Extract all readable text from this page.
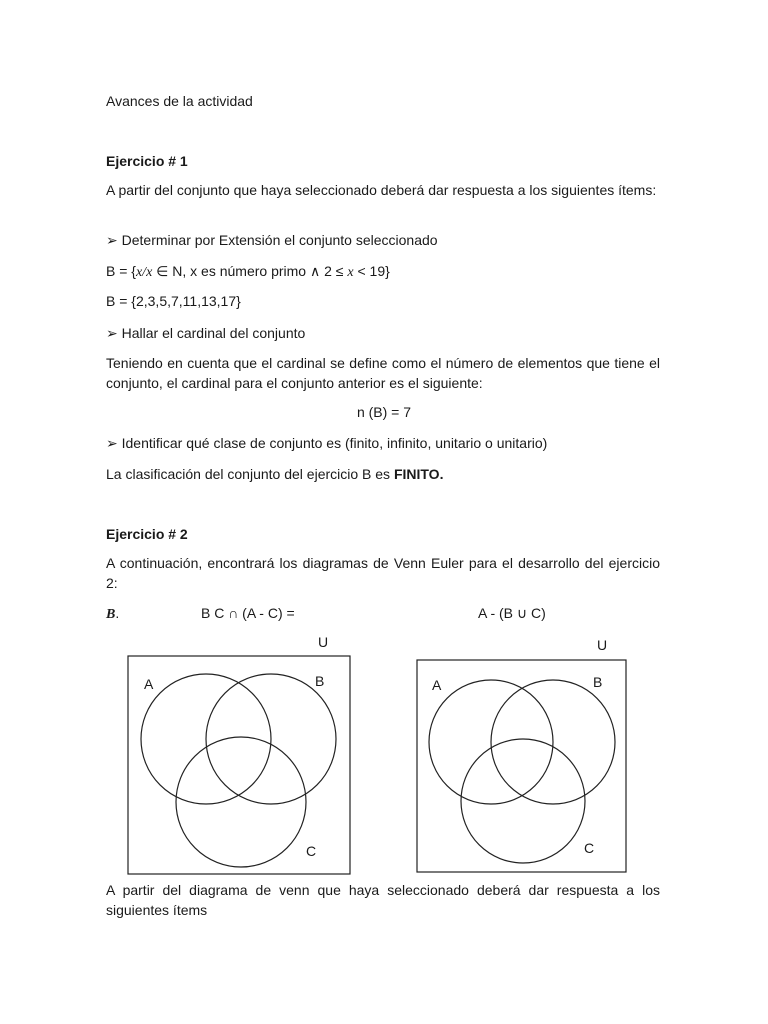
Avances de la actividad

Ejercicio # 1

A partir del conjunto que haya seleccionado deberá dar respuesta a los siguientes ítems:

➢ Determinar por Extensión el conjunto seleccionado

B = {x/x ∈ N, x es número primo ∧ 2 ≤ x < 19}

B = {2,3,5,7,11,13,17}

➢ Hallar el cardinal del conjunto

Teniendo en cuenta que el cardinal se define como el número de elementos que tiene el conjunto, el cardinal para el conjunto anterior es el siguiente:

n (B) = 7

➢ Identificar qué clase de conjunto es (finito, infinito, unitario o unitario)

La clasificación del conjunto del ejercicio B es FINITO.

Ejercicio # 2

A continuación, encontrará los diagramas de Venn Euler para el desarrollo del ejercicio 2:

B.	B C ∩ (A - C) =	A - (B ∪ C)

U
A	B
C
U
A	B
C

A partir del diagrama de venn que haya seleccionado deberá dar respuesta a los siguientes ítems
